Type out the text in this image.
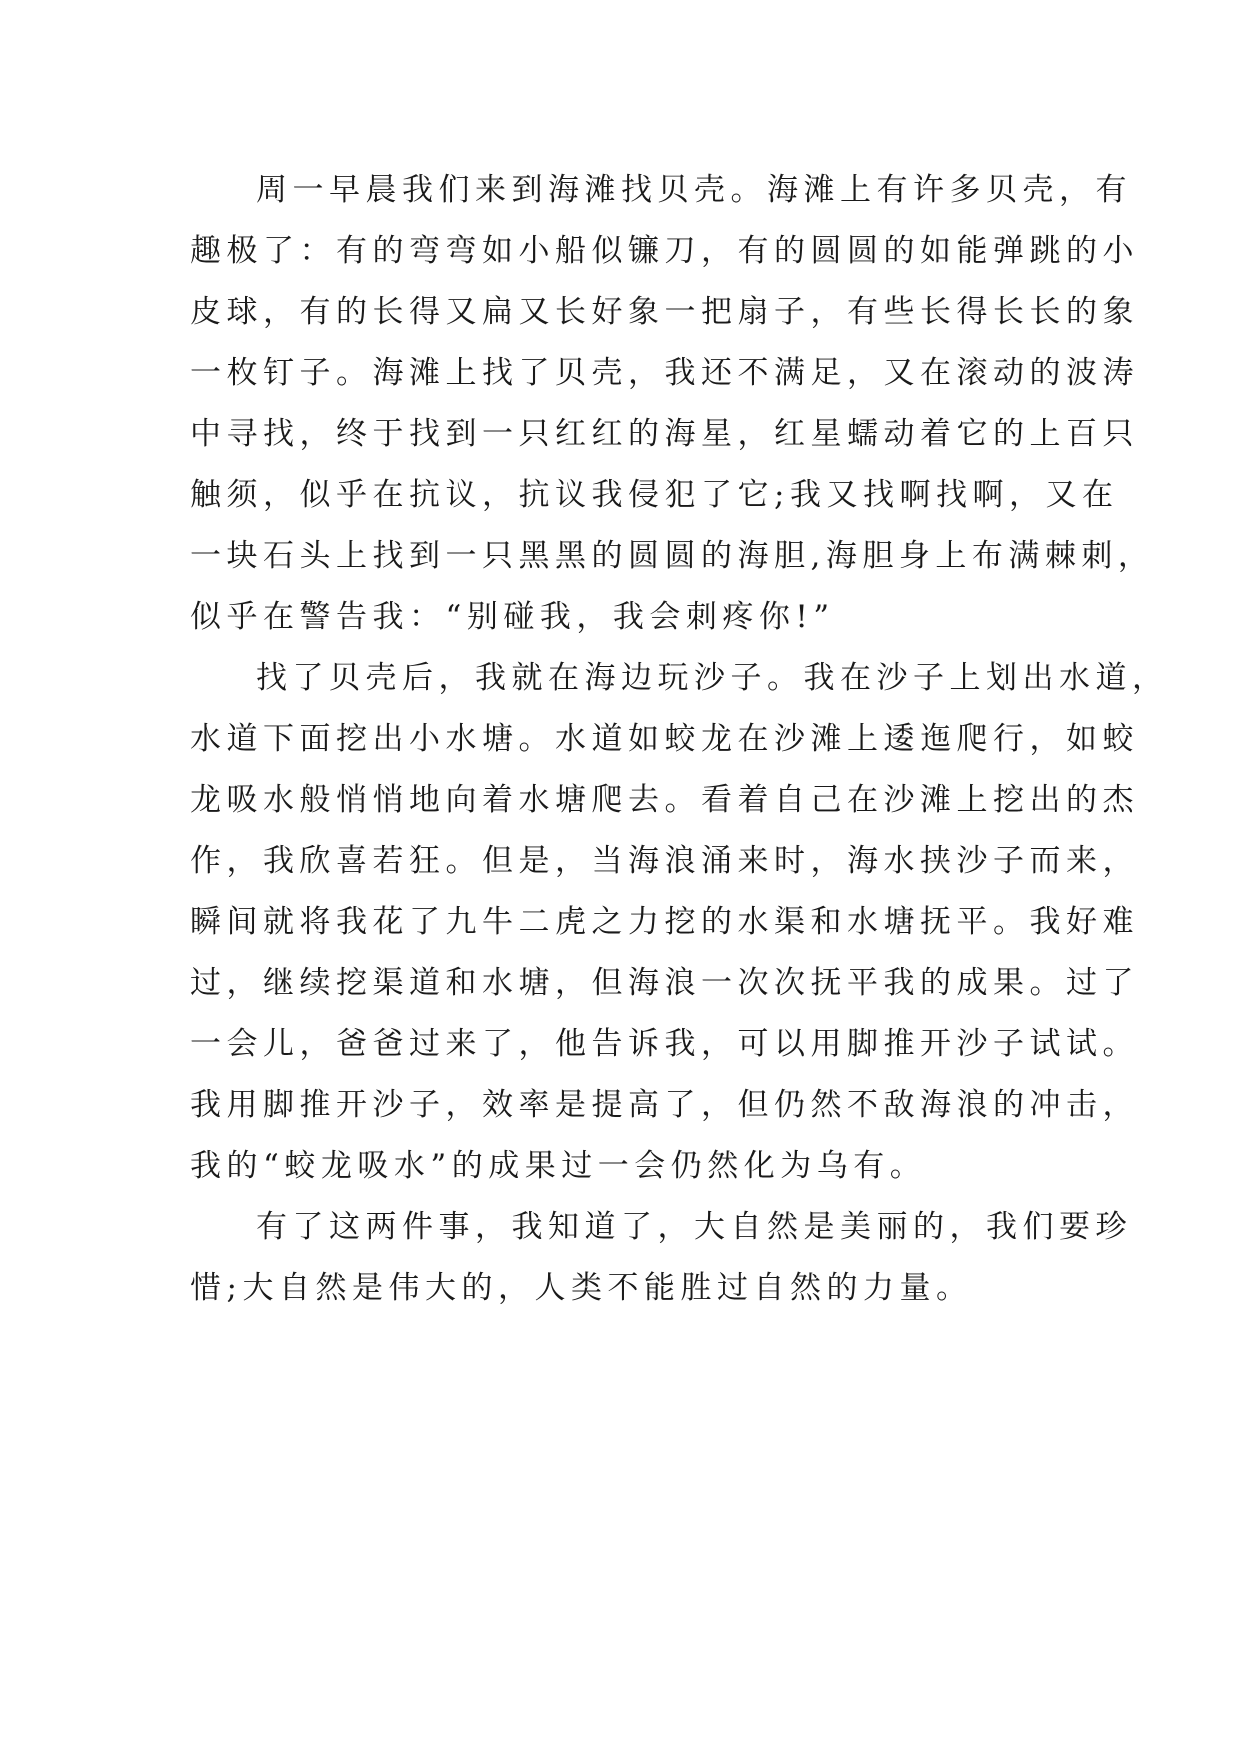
周一早晨我们来到海滩找贝壳。海滩上有许多贝壳，有
趣极了：有的弯弯如小船似镰刀，有的圆圆的如能弹跳的小
皮球，有的长得又扁又长好象一把扇子，有些长得长长的象
一枚钉子。海滩上找了贝壳，我还不满足，又在滚动的波涛
中寻找，终于找到一只红红的海星，红星蠕动着它的上百只
触须，似乎在抗议，抗议我侵犯了它;我又找啊找啊，又在
一块石头上找到一只黑黑的圆圆的海胆,海胆身上布满棘刺，
似乎在警告我：“别碰我，我会刺疼你!”
找了贝壳后，我就在海边玩沙子。我在沙子上划出水道，
水道下面挖出小水塘。水道如蛟龙在沙滩上逶迤爬行，如蛟
龙吸水般悄悄地向着水塘爬去。看着自己在沙滩上挖出的杰
作，我欣喜若狂。但是，当海浪涌来时，海水挟沙子而来，
瞬间就将我花了九牛二虎之力挖的水渠和水塘抚平。我好难
过，继续挖渠道和水塘，但海浪一次次抚平我的成果。过了
一会儿，爸爸过来了，他告诉我，可以用脚推开沙子试试。
我用脚推开沙子，效率是提高了，但仍然不敌海浪的冲击，
我的“蛟龙吸水”的成果过一会仍然化为乌有。
有了这两件事，我知道了，大自然是美丽的，我们要珍
惜;大自然是伟大的，人类不能胜过自然的力量。
